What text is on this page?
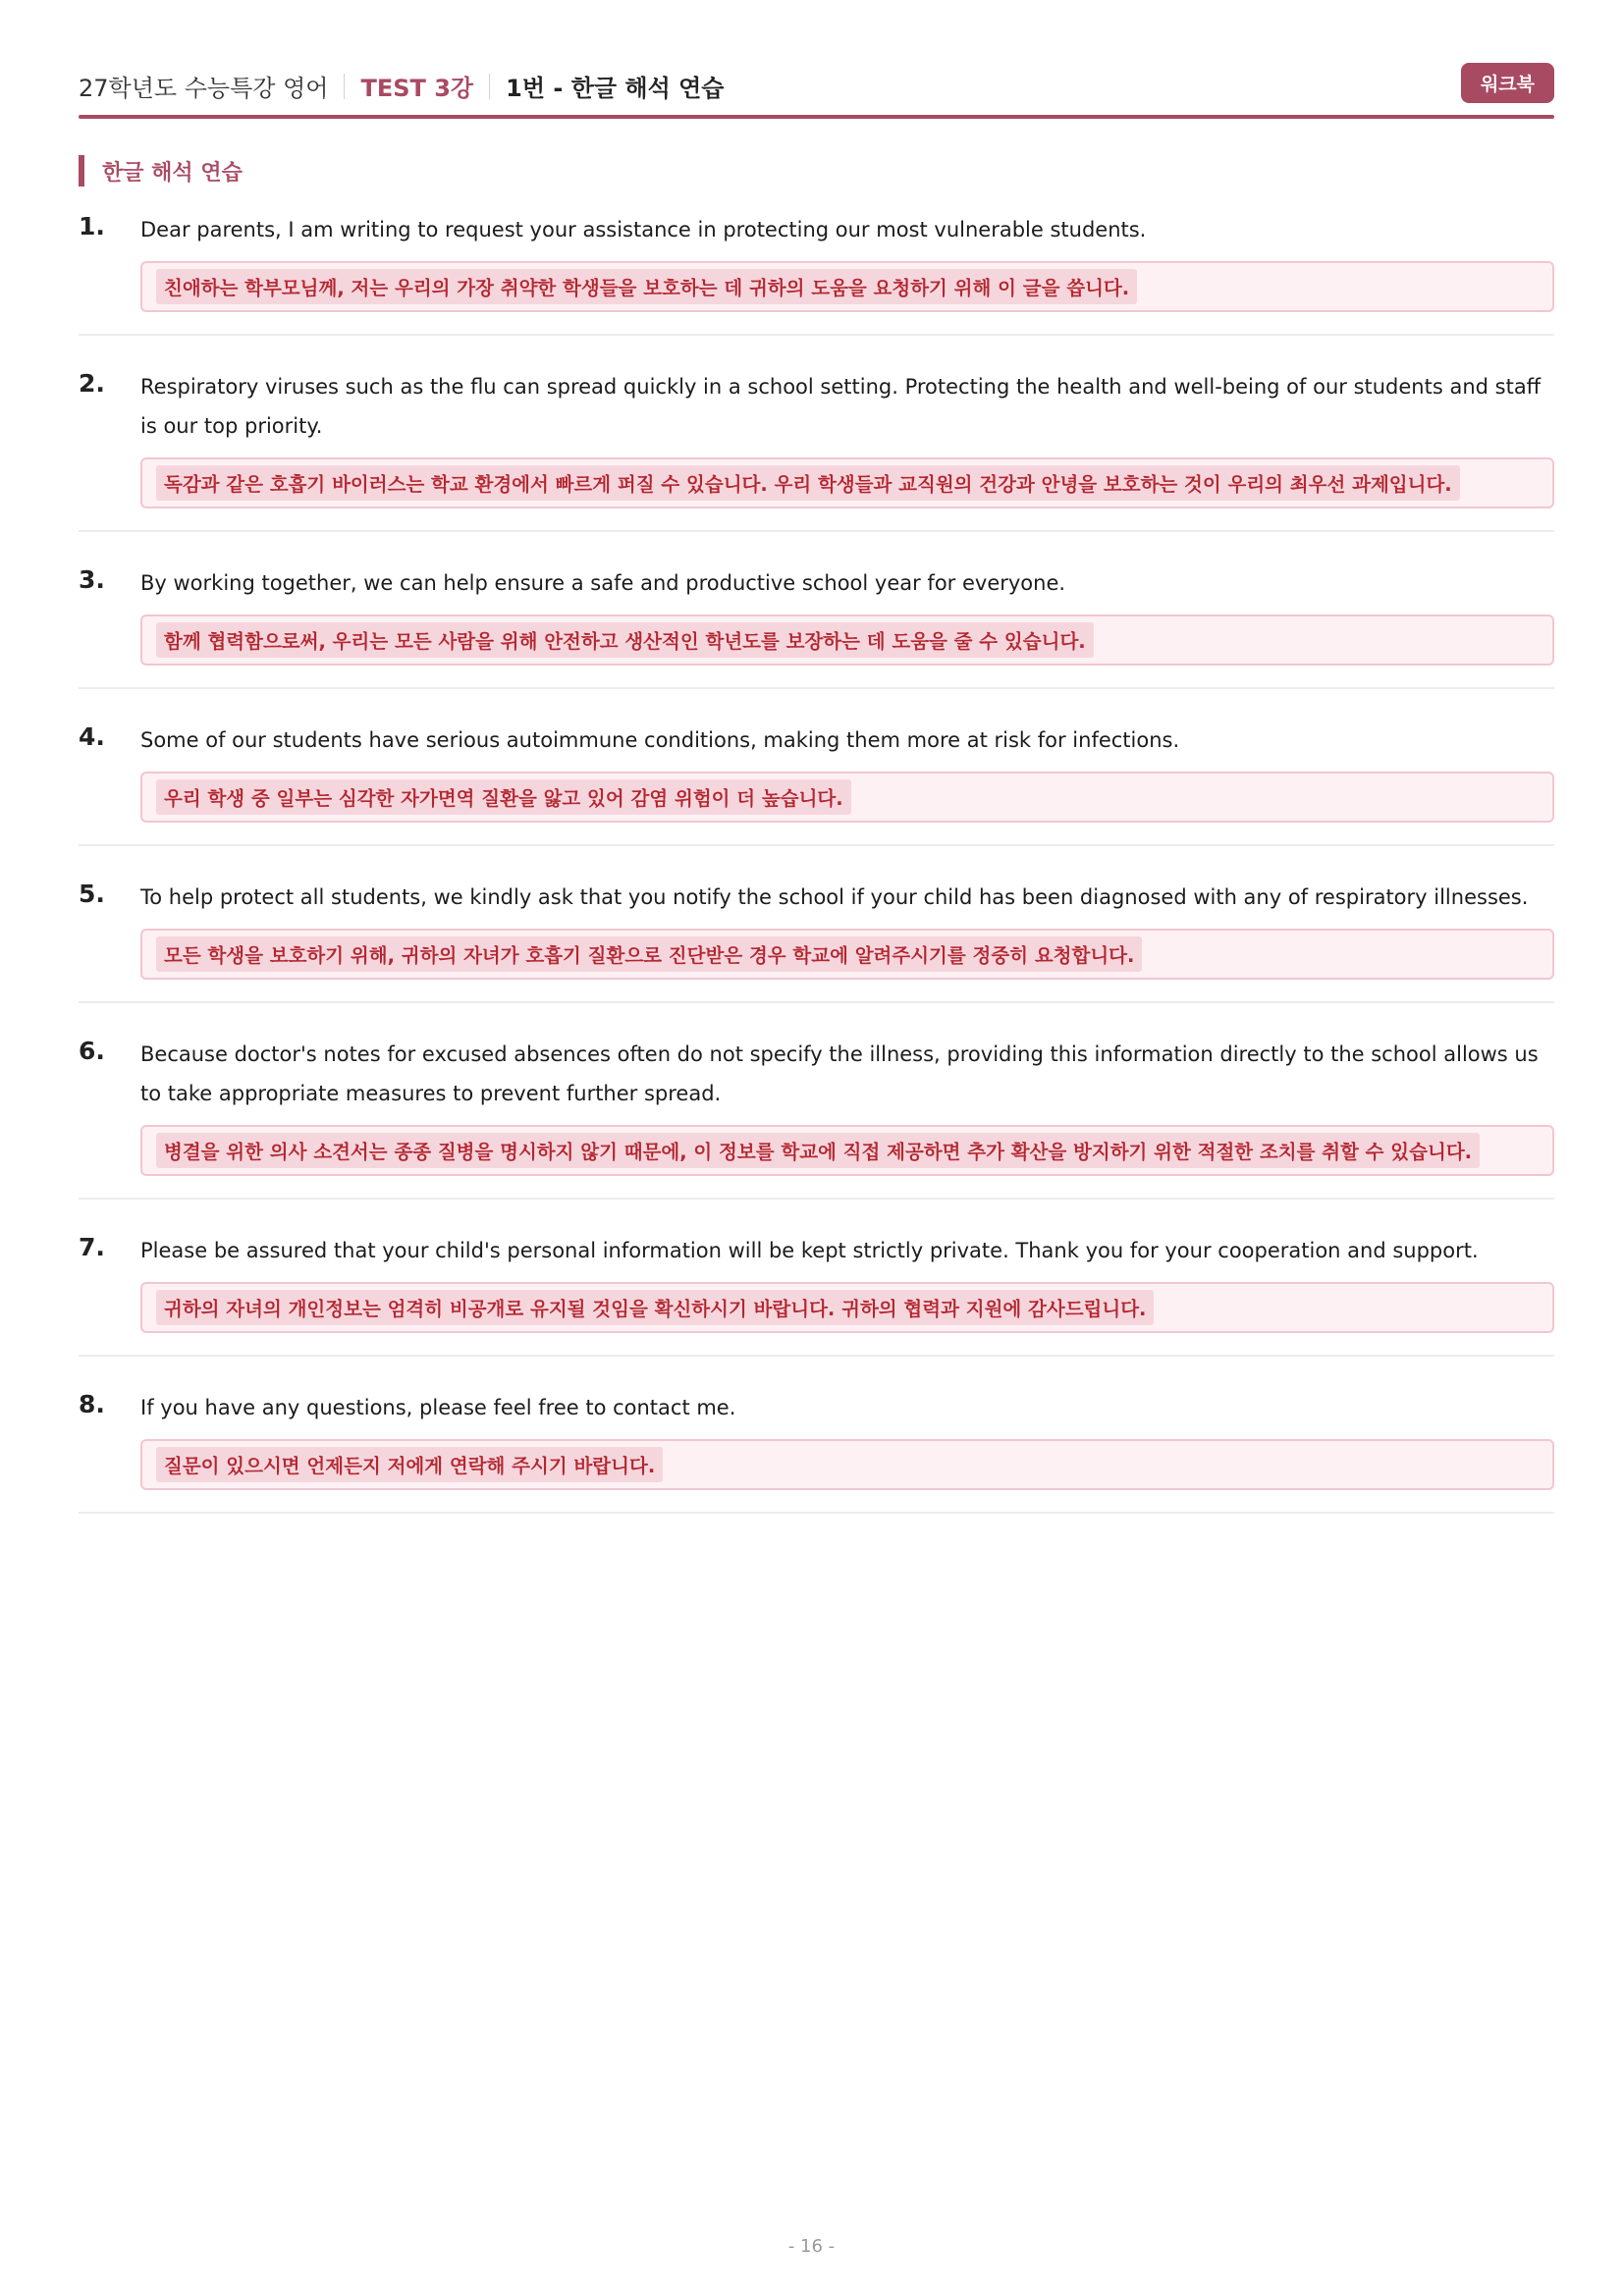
27학년도 수능특강 영어 TEST 3강 1번 - 한글 해석 연습	워크북
한글 해석 연습
1. Dear parents, I am writing to request your assistance in protecting our most vulnerable students.
친애하는 학부모님께, 저는 우리의 가장 취약한 학생들을 보호하는 데 귀하의 도움을 요청하기 위해 이 글을 씁니다.
2. Respiratory viruses such as the flu can spread quickly in a school setting. Protecting the health and well-being of our students and staff is our top priority.
독감과 같은 호흡기 바이러스는 학교 환경에서 빠르게 퍼질 수 있습니다. 우리 학생들과 교직원의 건강과 안녕을 보호하는 것이 우리의 최우선 과제입니다.
3. By working together, we can help ensure a safe and productive school year for everyone.
함께 협력함으로써, 우리는 모든 사람을 위해 안전하고 생산적인 학년도를 보장하는 데 도움을 줄 수 있습니다.
4. Some of our students have serious autoimmune conditions, making them more at risk for infections.
우리 학생 중 일부는 심각한 자가면역 질환을 앓고 있어 감염 위험이 더 높습니다.
5. To help protect all students, we kindly ask that you notify the school if your child has been diagnosed with any of respiratory illnesses.
모든 학생을 보호하기 위해, 귀하의 자녀가 호흡기 질환으로 진단받은 경우 학교에 알려주시기를 정중히 요청합니다.
6. Because doctor's notes for excused absences often do not specify the illness, providing this information directly to the school allows us to take appropriate measures to prevent further spread.
병결을 위한 의사 소견서는 종종 질병을 명시하지 않기 때문에, 이 정보를 학교에 직접 제공하면 추가 확산을 방지하기 위한 적절한 조치를 취할 수 있습니다.
7. Please be assured that your child's personal information will be kept strictly private. Thank you for your cooperation and support.
귀하의 자녀의 개인정보는 엄격히 비공개로 유지될 것임을 확신하시기 바랍니다. 귀하의 협력과 지원에 감사드립니다.
8. If you have any questions, please feel free to contact me.
질문이 있으시면 언제든지 저에게 연락해 주시기 바랍니다.
- 16 -
